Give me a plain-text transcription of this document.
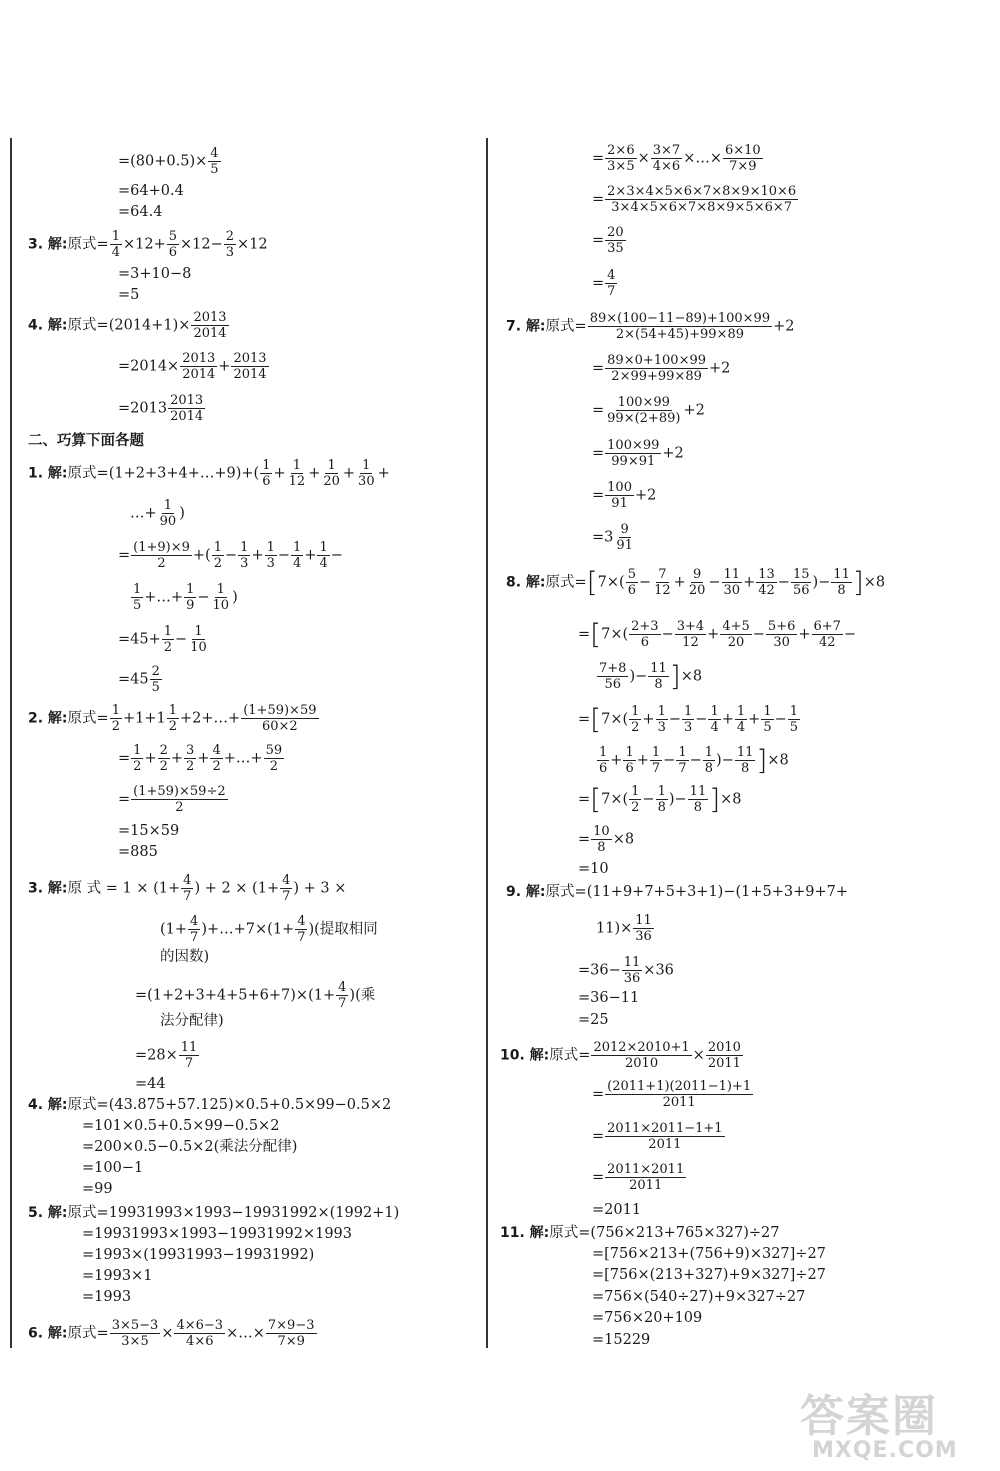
$=(80+0.5)\times \frac{4}{5}$
=64+0.4
=64.4
3. 解:原式= $\frac{1}{4} \times 12+ \frac{5}{6} \times 12- \frac{2}{3} \times 12$
=3+10−8
=5
4. 解:原式$=(2014+1)\times \frac{2013}{2014}$
$=2014\times \frac{2013}{2014} + \frac{2013}{2014}$
$=2013 \frac{2013}{2014}$
二、巧算下面各题
1. 解:原式=(1+2+3+4+…+9)+( $\frac{1}{6} + \frac{1}{12} + \frac{1}{20} + \frac{1}{30}$ +
…+ $\frac{1}{90}$ )
= $\frac{(1+9)\times 9}{2}$ +( $\frac{1}{2} - \frac{1}{3} + \frac{1}{3} - \frac{1}{4} + \frac{1}{4}$ −
$\frac{1}{5}$ +…+ $\frac{1}{9} - \frac{1}{10}$ )
$=45+ \frac{1}{2} - \frac{1}{10}$
$=45 \frac{2}{5}$
2. 解:原式= $\frac{1}{2} +1+1 \frac{1}{2}$ +2+…+ $\frac{(1+59)\times 59}{60\times 2}$
= $\frac{1}{2} + \frac{2}{2} + \frac{3}{2} + \frac{4}{2}$ +…+ $\frac{59}{2}$
= $\frac{(1+59)\times 59\div 2}{2}$
=15×59
=885
3. 解:原 式 = $1 \times (1+ \frac{4}{7}$ ) + $2 \times (1+ \frac{4}{7}$ ) + 3 ×
($1+ \frac{4}{7}$ )+…+7×(1+ $\frac{4}{7}$ )(提取相同
的因数)
$=(1+2+3+4+5+6+7)\times(1+ \frac{4}{7}$ )(乘
法分配律)
$=28\times \frac{11}{7}$
=44
4. 解:原式=(43.875+57.125)×0.5+0.5×99−0.5×2
=101×0.5+0.5×99−0.5×2
=200×0.5−0.5×2(乘法分配律)
=100−1
=99
5. 解:原式=19931993×1993−19931992×(1992+1)
=19931993×1993−19931992×1993
=1993×(19931993−19931992)
=1993×1
=1993
6. 解:原式= $\frac{3\times 5-3}{3\times 5} \times \frac{4\times 6-3}{4\times 6}$ ×…× $\frac{7\times 9-3}{7\times 9}$
= $\frac{2\times 6}{3\times 5} \times \frac{3\times 7}{4\times 6}$ ×…× $\frac{6\times 10}{7\times 9}$
= $\frac{2\times 3\times 4\times 5\times 6\times 7\times 8\times 9\times 10\times 6}{3\times 4\times 5\times 6\times 7\times 8\times 9\times 5\times 6\times 7}$
= $\frac{20}{35}$
= $\frac{4}{7}$
7. 解:原式= $\frac{89\times(100-11-89)+100\times 99}{2\times(54+45)+99\times 89} +2$
= $\frac{89\times 0+100\times 99}{2\times 99+99\times 89} +2$
= $\frac{100\times 99}{99\times(2+89)} +2$
= $\frac{100\times 99}{99\times 91} +2$
= $\frac{100}{91} +2$
$=3 \frac{9}{91}$
8. 解:原式$=[7\times( \frac{5}{6} - \frac{7}{12} + \frac{9}{20} - \frac{11}{30} + \frac{13}{42} - \frac{15}{56}$ )− $\frac{11}{8} ]\times 8$
$=[7\times( \frac{2+3}{6} - \frac{3+4}{12} + \frac{4+5}{20} - \frac{5+6}{30} + \frac{6+7}{42}$ −
$\frac{7+8}{56}$ )− $\frac{11}{8} ]\times 8$
$=[7\times( \frac{1}{2} + \frac{1}{3} - \frac{1}{3} - \frac{1}{4} + \frac{1}{4} + \frac{1}{5} - \frac{1}{5}$
$\frac{1}{6} + \frac{1}{6} + \frac{1}{7} - \frac{1}{7} - \frac{1}{8}$ )− $\frac{11}{8} ]\times 8$
$=[7\times( \frac{1}{2} - \frac{1}{8}$ )− $\frac{11}{8} ]\times 8$
= $\frac{10}{8} \times 8$
=10
9. 解:原式=(11+9+7+5+3+1)−(1+5+3+9+7+
$11)\times \frac{11}{36}$
$=36- \frac{11}{36} \times 36$
=36−11
=25
10. 解:原式= $\frac{2012\times 2010+1}{2010} \times \frac{2010}{2011}$
= $\frac{(2011+1)(2011-1)+1}{2011}$
= $\frac{2011\times 2011-1+1}{2011}$
= $\frac{2011\times 2011}{2011}$
=2011
11. 解:原式=(756×213+765×327)÷27
=[756×213+(756+9)×327]÷27
=[756×(213+327)+9×327]÷27
=756×(540÷27)+9×327÷27
=756×20+109
=15229
答案圈
MXQE.COM
